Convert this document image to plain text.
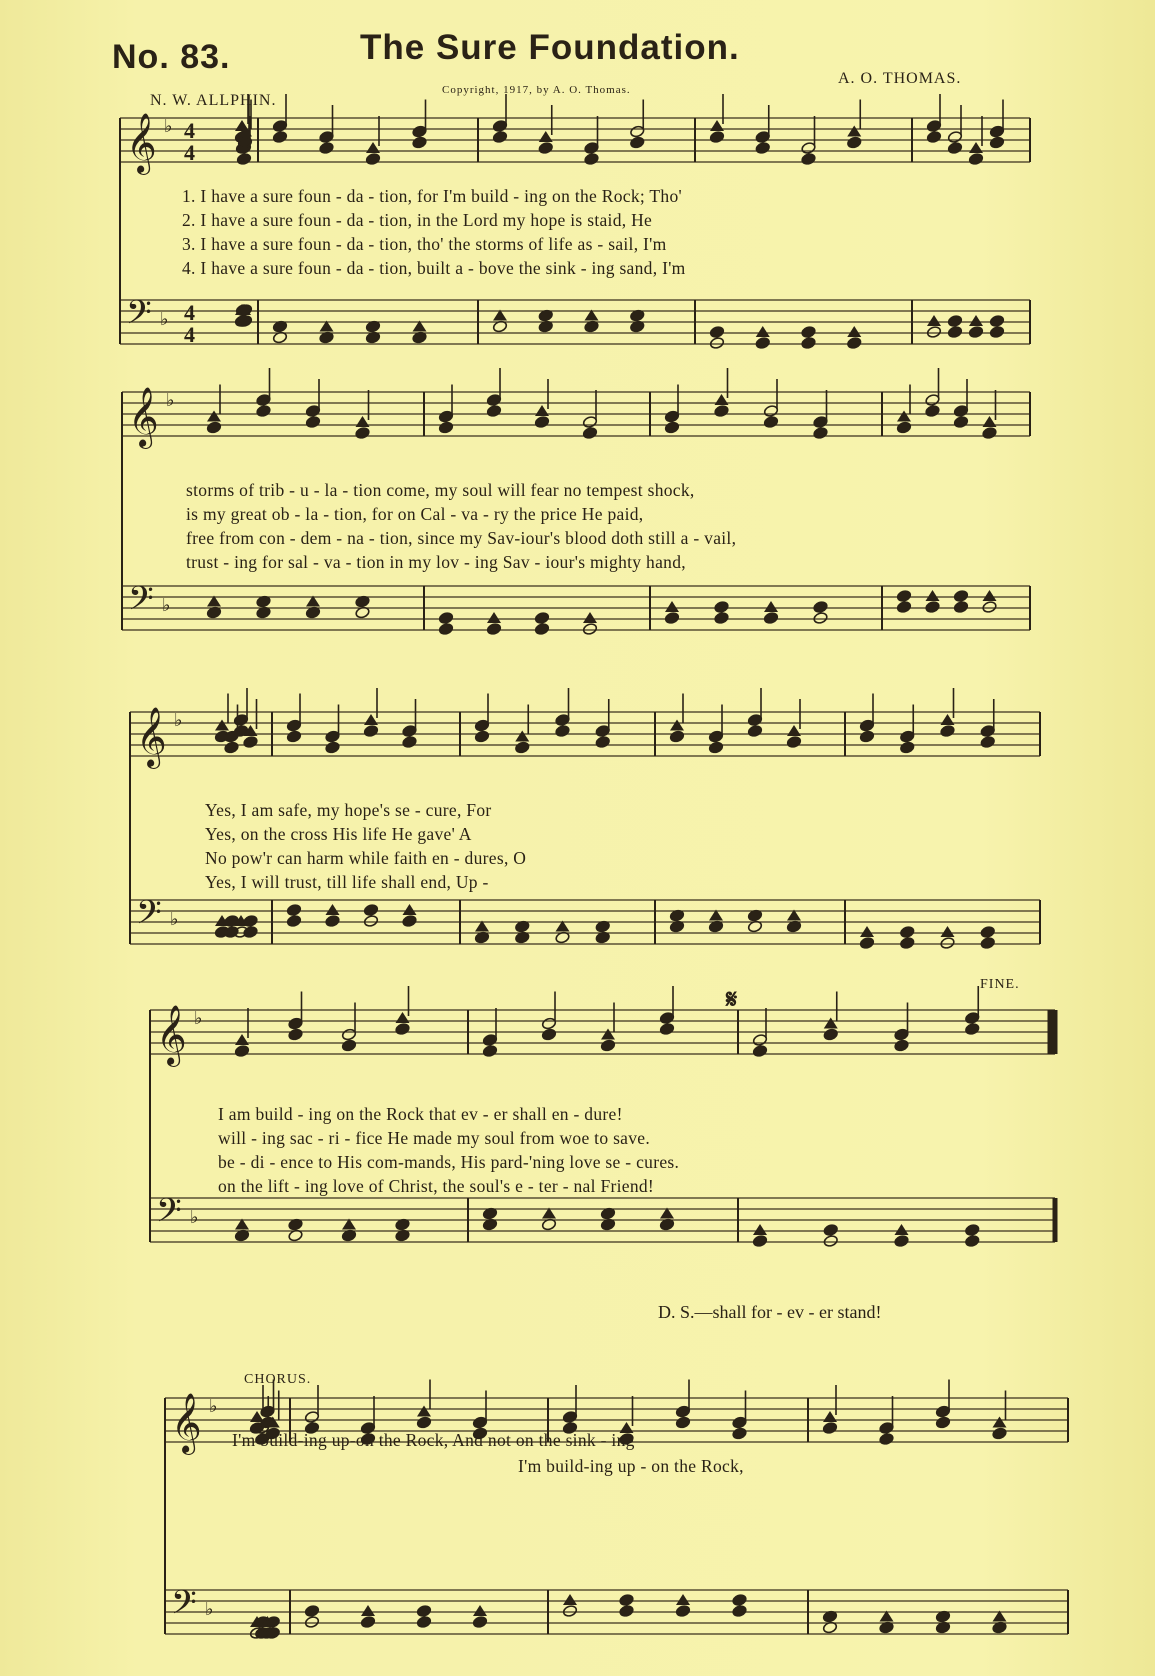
No. 83.	The Sure Foundation.
N. W. ALLPHIN.
Copyright, 1917, by A. O. Thomas.
A. O. THOMAS.
𝄞
𝄢
♭
♭
4
4
4
4
𝄞
𝄢
♭
♭
𝄞
𝄢
♭
♭
𝄞
𝄢
♭
♭
𝄞
𝄢
♭
♭
1. I have a sure foun - da - tion, for I'm build - ing on the Rock; Tho'
2. I have a sure foun - da - tion, in the Lord my hope is staid, He
3. I have a sure foun - da - tion, tho' the storms of life as - sail, I'm
4. I have a sure foun - da - tion, built a - bove the sink - ing sand, I'm
storms of trib - u - la - tion come, my soul will fear no tempest shock,
is my great ob - la - tion, for on Cal - va - ry the price He paid,
free from con - dem - na - tion, since my Sav-iour's blood doth still a - vail,
trust - ing for sal - va - tion in my lov - ing Sav - iour's mighty hand,
Yes, I am safe, my hope's se - cure, For
Yes, on the cross His life He gave' A
No pow'r can harm while faith en - dures, O
Yes, I will trust, till life shall end, Up -
I am build - ing on the Rock that ev - er shall en - dure!
will - ing sac - ri - fice He made my soul from woe to save.
be - di - ence to His com-mands, His pard-'ning love se - cures.
on the lift - ing love of Christ, the soul's e - ter - nal Friend!
I'm build-ing up-on the Rock, And not on the sink - ing
I'm build-ing up - on the Rock,
FINE.
CHORUS.
𝄋
D. S.—shall for - ev - er stand!
